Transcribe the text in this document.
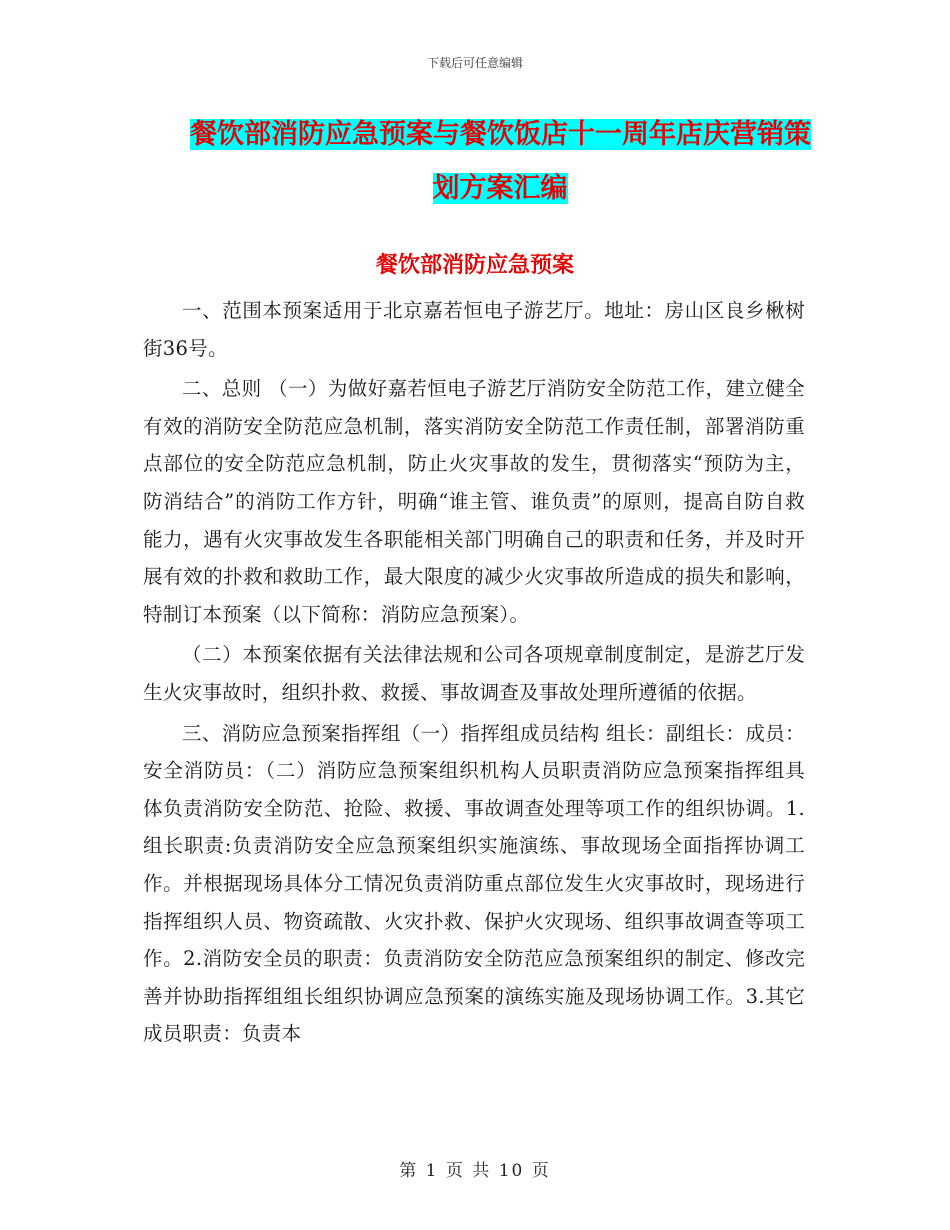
下载后可任意编辑
餐饮部消防应急预案与餐饮饭店十一周年店庆营销策
划方案汇编
餐饮部消防应急预案

一、范围本预案适用于北京嘉若恒电子游艺厅。地址：房山区良乡楸树街36号。

二、总则 （一）为做好嘉若恒电子游艺厅消防安全防范工作，建立健全有效的消防安全防范应急机制，落实消防安全防范工作责任制，部署消防重点部位的安全防范应急机制，防止火灾事故的发生，贯彻落实“预防为主，防消结合”的消防工作方针，明确“谁主管、谁负责”的原则，提高自防自救能力，遇有火灾事故发生各职能相关部门明确自己的职责和任务，并及时开展有效的扑救和救助工作，最大限度的减少火灾事故所造成的损失和影响，特制订本预案（以下简称：消防应急预案）。

（二）本预案依据有关法律法规和公司各项规章制度制定，是游艺厅发生火灾事故时，组织扑救、救援、事故调查及事故处理所遵循的依据。

三、消防应急预案指挥组（一）指挥组成员结构 组长：副组长：成员：安全消防员：（二）消防应急预案组织机构人员职责消防应急预案指挥组具体负责消防安全防范、抢险、救援、事故调查处理等项工作的组织协调。1.组长职责:负责消防安全应急预案组织实施演练、事故现场全面指挥协调工作。并根据现场具体分工情况负责消防重点部位发生火灾事故时，现场进行指挥组织人员、物资疏散、火灾扑救、保护火灾现场、组织事故调查等项工作。2.消防安全员的职责：负责消防安全防范应急预案组织的制定、修改完善并协助指挥组组长组织协调应急预案的演练实施及现场协调工作。3.其它成员职责：负责本

第 1 页 共 10 页
